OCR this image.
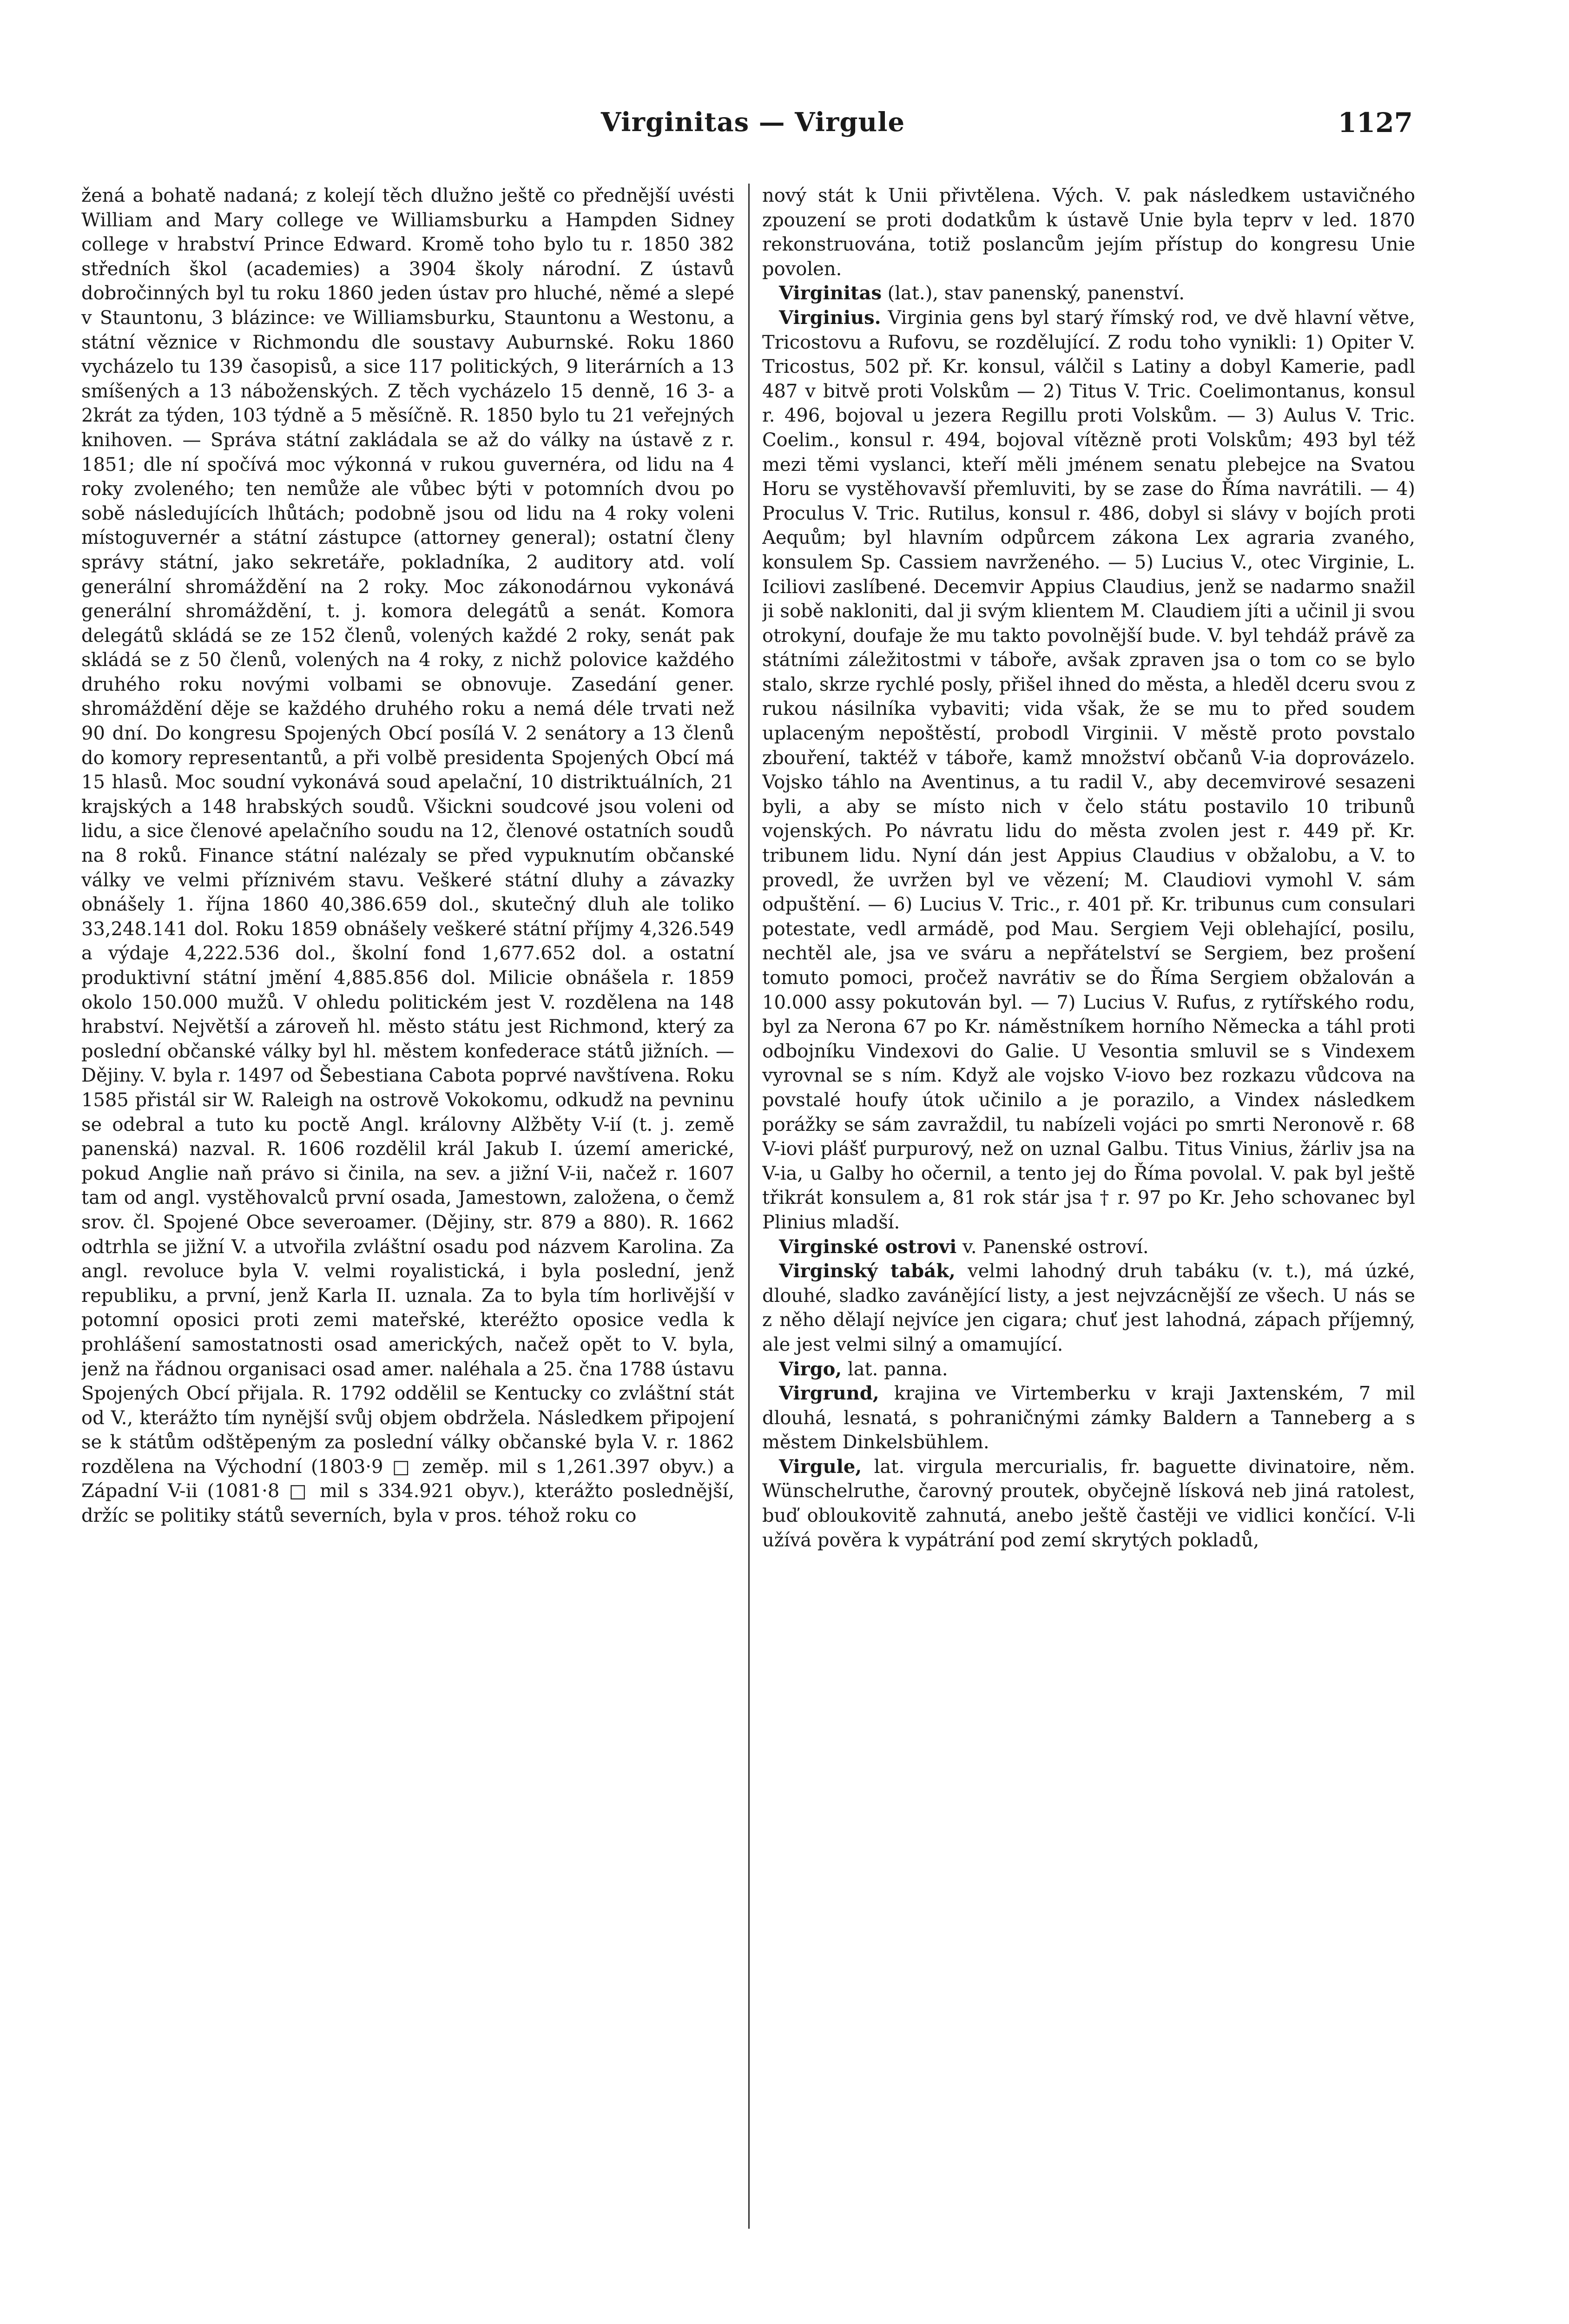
Virginitas — Virgule	1127

žená a bohatě nadaná; z kolejí těch dlužno ještě co přednější uvésti William and Mary college ve Williamsburku a Hampden Sidney college v hrabství Prince Edward. Kromě toho bylo tu r. 1850 382 středních škol (academies) a 3904 školy národní. Z ústavů dobročinných byl tu roku 1860 jeden ústav pro hluché, němé a slepé v Stauntonu, 3 blázince: ve Williamsburku, Stauntonu a Westonu, a státní věznice v Richmondu dle soustavy Auburnské. Roku 1860 vycházelo tu 139 časopisů, a sice 117 politických, 9 literárních a 13 smíšených a 13 náboženských. Z těch vycházelo 15 denně, 16 3- a 2krát za týden, 103 týdně a 5 měsíčně. R. 1850 bylo tu 21 veřejných knihoven. — Správa státní zakládala se až do války na ústavě z r. 1851; dle ní spočívá moc výkonná v rukou guvernéra, od lidu na 4 roky zvoleného; ten nemůže ale vůbec býti v potomních dvou po sobě následujících lhůtách; podobně jsou od lidu na 4 roky voleni místoguvernér a státní zástupce (attorney general); ostatní členy správy státní, jako sekretáře, pokladníka, 2 auditory atd. volí generální shromáždění na 2 roky. Moc zákonodárnou vykonává generální shromáždění, t. j. komora delegátů a senát. Komora delegátů skládá se ze 152 členů, volených každé 2 roky, senát pak skládá se z 50 členů, volených na 4 roky, z nichž polovice každého druhého roku novými volbami se obnovuje. Zasedání gener. shromáždění děje se každého druhého roku a nemá déle trvati než 90 dní. Do kongresu Spojených Obcí posílá V. 2 senátory a 13 členů do komory representantů, a při volbě presidenta Spojených Obcí má 15 hlasů. Moc soudní vykonává soud apelační, 10 distriktuálních, 21 krajských a 148 hrabských soudů. Všickni soudcové jsou voleni od lidu, a sice členové apelačního soudu na 12, členové ostatních soudů na 8 roků. Finance státní nalézaly se před vypuknutím občanské války ve velmi příznivém stavu. Veškeré státní dluhy a závazky obnášely 1. října 1860 40,386.659 dol., skutečný dluh ale toliko 33,248.141 dol. Roku 1859 obnášely veškeré státní příjmy 4,326.549 a výdaje 4,222.536 dol., školní fond 1,677.652 dol. a ostatní produktivní státní jmění 4,885.856 dol. Milicie obnášela r. 1859 okolo 150.000 mužů. V ohledu politickém jest V. rozdělena na 148 hrabství. Největší a zároveň hl. město státu jest Richmond, který za poslední občanské války byl hl. městem konfederace států jižních. — Dějiny. V. byla r. 1497 od Šebestiana Cabota poprvé navštívena. Roku 1585 přistál sir W. Raleigh na ostrově Vokokomu, odkudž na pevninu se odebral a tuto ku poctě Angl. královny Alžběty V-ií (t. j. země panenská) nazval. R. 1606 rozdělil král Jakub I. území americké, pokud Anglie naň právo si činila, na sev. a jižní V-ii, načež r. 1607 tam od angl. vystěhovalců první osada, Jamestown, založena, o čemž srov. čl. Spojené Obce severoamer. (Dějiny, str. 879 a 880). R. 1662 odtrhla se jižní V. a utvořila zvláštní osadu pod názvem Karolina. Za angl. revoluce byla V. velmi royalistická, i byla poslední, jenž republiku, a první, jenž Karla II. uznala. Za to byla tím horlivější v potomní oposici proti zemi mateřské, kteréžto oposice vedla k prohlášení samostatnosti osad amerických, načež opět to V. byla, jenž na řádnou organisaci osad amer. naléhala a 25. čna 1788 ústavu Spojených Obcí přijala. R. 1792 oddělil se Kentucky co zvláštní stát od V., kterážto tím nynější svůj objem obdržela. Následkem připojení se k státům odštěpeným za poslední války občanské byla V. r. 1862 rozdělena na Východní (1803·9 □ zeměp. mil s 1,261.397 obyv.) a Západní V-ii (1081·8 □ mil s 334.921 obyv.), kterážto poslednější, držíc se politiky států severních, byla v pros. téhož roku co

nový stát k Unii přivtělena. Vých. V. pak následkem ustavičného zpouzení se proti dodatkům k ústavě Unie byla teprv v led. 1870 rekonstruována, totiž poslancům jejím přístup do kongresu Unie povolen.

Virginitas (lat.), stav panenský, panenství.

Virginius. Virginia gens byl starý římský rod, ve dvě hlavní větve, Tricostovu a Rufovu, se rozdělující. Z rodu toho vynikli: 1) Opiter V. Tricostus, 502 př. Kr. konsul, válčil s Latiny a dobyl Kamerie, padl 487 v bitvě proti Volskům — 2) Titus V. Tric. Coelimontanus, konsul r. 496, bojoval u jezera Regillu proti Volskům. — 3) Aulus V. Tric. Coelim., konsul r. 494, bojoval vítězně proti Volskům; 493 byl též mezi těmi vyslanci, kteří měli jménem senatu plebejce na Svatou Horu se vystěhovavší přemluviti, by se zase do Říma navrátili. — 4) Proculus V. Tric. Rutilus, konsul r. 486, dobyl si slávy v bojích proti Aequům; byl hlavním odpůrcem zákona Lex agraria zvaného, konsulem Sp. Cassiem navrženého. — 5) Lucius V., otec Virginie, L. Iciliovi zaslíbené. Decemvir Appius Claudius, jenž se nadarmo snažil ji sobě nakloniti, dal ji svým klientem M. Claudiem jíti a učinil ji svou otrokyní, doufaje že mu takto povolnější bude. V. byl tehdáž právě za státními záležitostmi v táboře, avšak zpraven jsa o tom co se bylo stalo, skrze rychlé posly, přišel ihned do města, a hleděl dceru svou z rukou násilníka vybaviti; vida však, že se mu to před soudem uplaceným nepoštěstí, probodl Virginii. V městě proto povstalo zbouření, taktéž v táboře, kamž množství občanů V-ia doprovázelo. Vojsko táhlo na Aventinus, a tu radil V., aby decemvirové sesazeni byli, a aby se místo nich v čelo státu postavilo 10 tribunů vojenských. Po návratu lidu do města zvolen jest r. 449 př. Kr. tribunem lidu. Nyní dán jest Appius Claudius v obžalobu, a V. to provedl, že uvržen byl ve vězení; M. Claudiovi vymohl V. sám odpuštění. — 6) Lucius V. Tric., r. 401 př. Kr. tribunus cum consulari potestate, vedl armádě, pod Mau. Sergiem Veji oblehající, posilu, nechtěl ale, jsa ve sváru a nepřátelství se Sergiem, bez prošení tomuto pomoci, pročež navrátiv se do Říma Sergiem obžalován a 10.000 assy pokutován byl. — 7) Lucius V. Rufus, z rytířského rodu, byl za Nerona 67 po Kr. náměstníkem horního Německa a táhl proti odbojníku Vindexovi do Galie. U Vesontia smluvil se s Vindexem vyrovnal se s ním. Když ale vojsko V-iovo bez rozkazu vůdcova na povstalé houfy útok učinilo a je porazilo, a Vindex následkem porážky se sám zavraždil, tu nabízeli vojáci po smrti Neronově r. 68 V-iovi plášť purpurový, než on uznal Galbu. Titus Vinius, žárliv jsa na V-ia, u Galby ho očernil, a tento jej do Říma povolal. V. pak byl ještě třikrát konsulem a, 81 rok stár jsa † r. 97 po Kr. Jeho schovanec byl Plinius mladší.

Virginské ostrovi v. Panenské ostroví.

Virginský tabák, velmi lahodný druh tabáku (v. t.), má úzké, dlouhé, sladko zavánějící listy, a jest nejvzácnější ze všech. U nás se z něho dělají nejvíce jen cigara; chuť jest lahodná, zápach příjemný, ale jest velmi silný a omamující.

Virgo, lat. panna.

Virgrund, krajina ve Virtemberku v kraji Jaxtenském, 7 mil dlouhá, lesnatá, s pohraničnými zámky Baldern a Tanneberg a s městem Dinkelsbühlem.

Virgule, lat. virgula mercurialis, fr. baguette divinatoire, něm. Wünschelruthe, čarovný proutek, obyčejně lísková neb jiná ratolest, buď obloukovitě zahnutá, anebo ještě častěji ve vidlici končící. V-li užívá pověra k vypátrání pod zemí skrytých pokladů,
